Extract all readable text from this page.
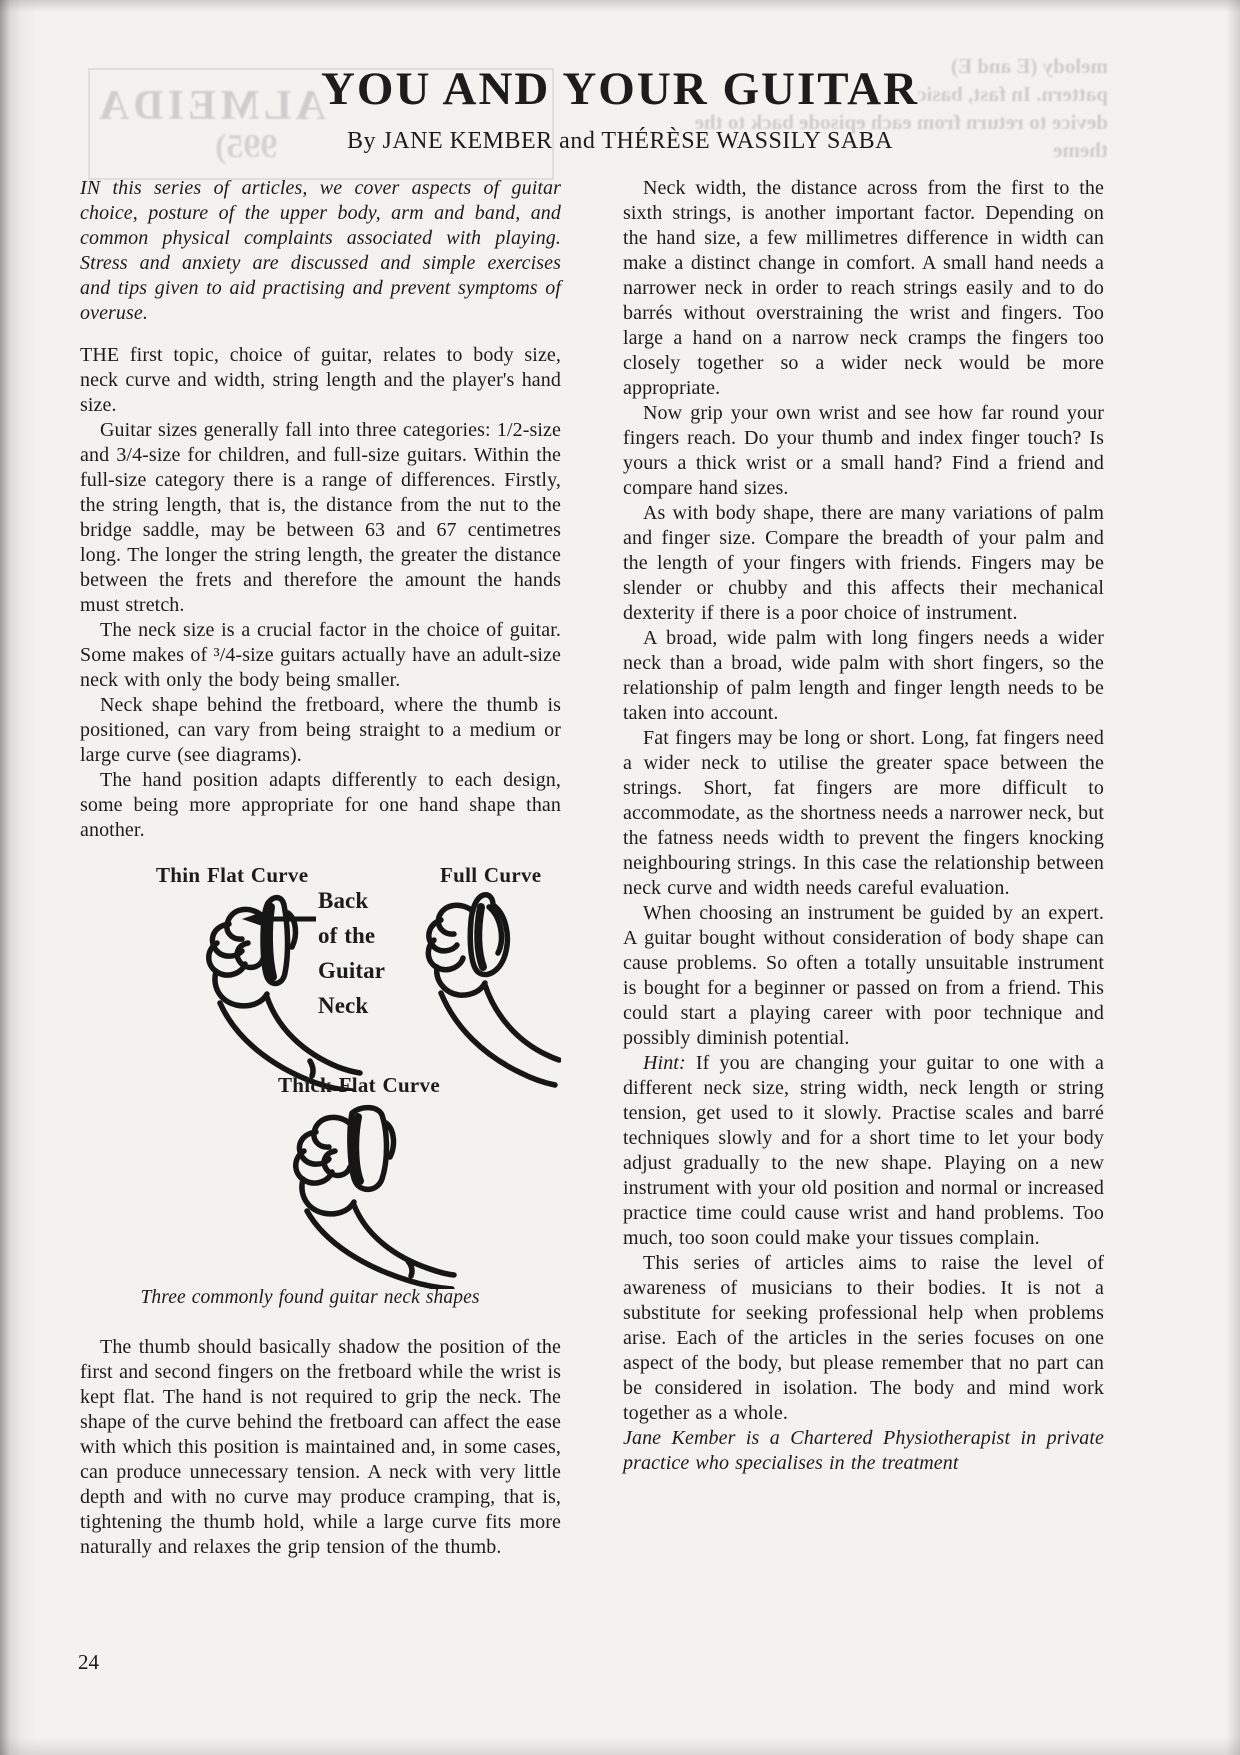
ALMEIDA
995)
melody (E and E)
pattern. In fast, basic
device to return from each episode back to the
theme
YOU AND YOUR GUITAR
By JANE KEMBER and THÉRÈSE WASSILY SABA

IN this series of articles, we cover aspects of guitar choice, posture of the upper body, arm and band, and common physical complaints associated with playing. Stress and anxiety are discussed and simple exercises and tips given to aid practising and prevent symptoms of overuse.

THE first topic, choice of guitar, relates to body size, neck curve and width, string length and the player's hand size.

Guitar sizes generally fall into three categories: 1/2-size and 3/4-size for children, and full-size guitars. Within the full-size category there is a range of differences. Firstly, the string length, that is, the distance from the nut to the bridge saddle, may be between 63 and 67 centimetres long. The longer the string length, the greater the distance between the frets and therefore the amount the hands must stretch.

The neck size is a crucial factor in the choice of guitar. Some makes of ³/4-size guitars actually have an adult-size neck with only the body being smaller.

Neck shape behind the fretboard, where the thumb is positioned, can vary from being straight to a medium or large curve (see diagrams).

The hand position adapts differently to each design, some being more appropriate for one hand shape than another.

Thin Flat Curve	Full Curve
Back
of the
Guitar
Neck
Thick Flat Curve
Three commonly found guitar neck shapes

The thumb should basically shadow the position of the first and second fingers on the fretboard while the wrist is kept flat. The hand is not required to grip the neck. The shape of the curve behind the fretboard can affect the ease with which this position is maintained and, in some cases, can produce unnecessary tension. A neck with very little depth and with no curve may produce cramping, that is, tightening the thumb hold, while a large curve fits more naturally and relaxes the grip tension of the thumb.

Neck width, the distance across from the first to the sixth strings, is another important factor. Depending on the hand size, a few millimetres difference in width can make a distinct change in comfort. A small hand needs a narrower neck in order to reach strings easily and to do barrés without overstraining the wrist and fingers. Too large a hand on a narrow neck cramps the fingers too closely together so a wider neck would be more appropriate.

Now grip your own wrist and see how far round your fingers reach. Do your thumb and index finger touch? Is yours a thick wrist or a small hand? Find a friend and compare hand sizes.

As with body shape, there are many variations of palm and finger size. Compare the breadth of your palm and the length of your fingers with friends. Fingers may be slender or chubby and this affects their mechanical dexterity if there is a poor choice of instrument.

A broad, wide palm with long fingers needs a wider neck than a broad, wide palm with short fingers, so the relationship of palm length and finger length needs to be taken into account.

Fat fingers may be long or short. Long, fat fingers need a wider neck to utilise the greater space between the strings. Short, fat fingers are more difficult to accommodate, as the shortness needs a narrower neck, but the fatness needs width to prevent the fingers knocking neighbouring strings. In this case the relationship between neck curve and width needs careful evaluation.

When choosing an instrument be guided by an expert. A guitar bought without consideration of body shape can cause problems. So often a totally unsuitable instrument is bought for a beginner or passed on from a friend. This could start a playing career with poor technique and possibly diminish potential.

Hint: If you are changing your guitar to one with a different neck size, string width, neck length or string tension, get used to it slowly. Practise scales and barré techniques slowly and for a short time to let your body adjust gradually to the new shape. Playing on a new instrument with your old position and normal or increased practice time could cause wrist and hand problems. Too much, too soon could make your tissues complain.

This series of articles aims to raise the level of awareness of musicians to their bodies. It is not a substitute for seeking professional help when problems arise. Each of the articles in the series focuses on one aspect of the body, but please remember that no part can be considered in isolation. The body and mind work together as a whole.

Jane Kember is a Chartered Physiotherapist in private practice who specialises in the treatment

24
